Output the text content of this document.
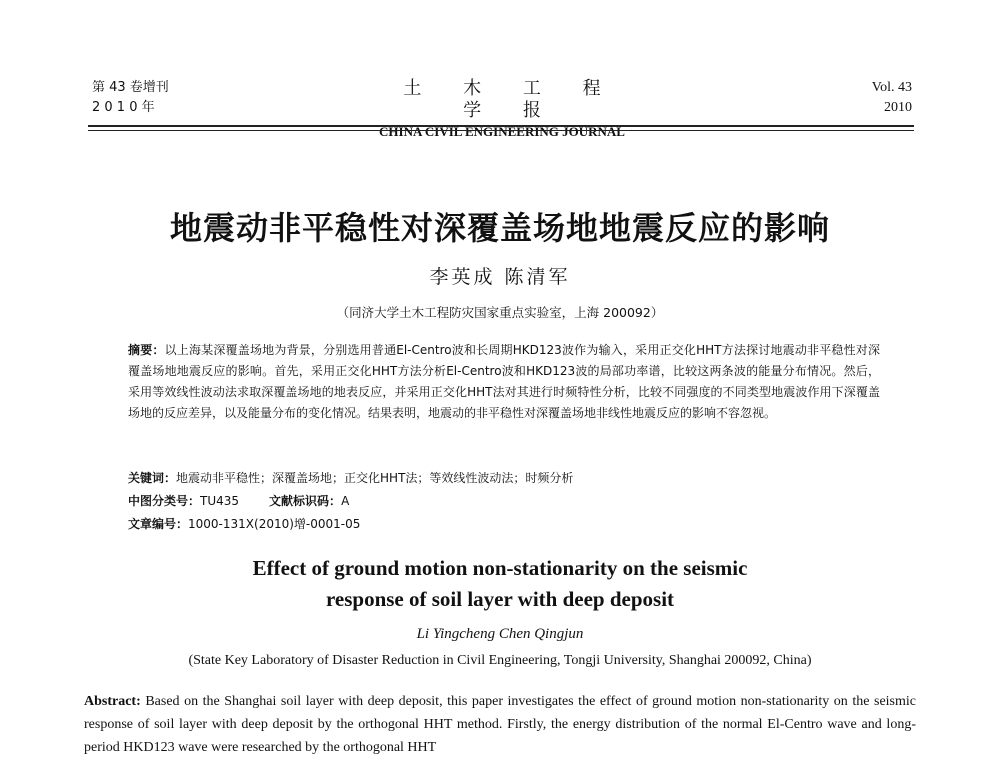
第 43 卷增刊
2 0 1 0 年
土 木 工 程 学 报
CHINA CIVIL ENGINEERING JOURNAL
Vol. 43
2010
地震动非平稳性对深覆盖场地地震反应的影响
李英成 陈清军
（同济大学土木工程防灾国家重点实验室，上海 200092）
摘要：以上海某深覆盖场地为背景，分别选用普通El-Centro波和长周期HKD123波作为输入，采用正交化HHT方法探讨地震动非平稳性对深覆盖场地地震反应的影响。首先，采用正交化HHT方法分析El-Centro波和HKD123波的局部功率谱，比较这两条波的能量分布情况。然后，采用等效线性波动法求取深覆盖场地的地表反应，并采用正交化HHT法对其进行时频特性分析，比较不同强度的不同类型地震波作用下深覆盖场地的反应差异，以及能量分布的变化情况。结果表明，地震动的非平稳性对深覆盖场地非线性地震反应的影响不容忽视。
关键词：地震动非平稳性；深覆盖场地；正交化HHT法；等效线性波动法；时频分析
中图分类号：TU435	文献标识码：A
文章编号：1000-131X(2010)增-0001-05
Effect of ground motion non-stationarity on the seismic
response of soil layer with deep deposit
Li Yingcheng Chen Qingjun
(State Key Laboratory of Disaster Reduction in Civil Engineering, Tongji University, Shanghai 200092, China)
Abstract: Based on the Shanghai soil layer with deep deposit, this paper investigates the effect of ground motion non-stationarity on the seismic response of soil layer with deep deposit by the orthogonal HHT method. Firstly, the energy distribution of the normal El-Centro wave and long-period HKD123 wave were researched by the orthogonal HHT
